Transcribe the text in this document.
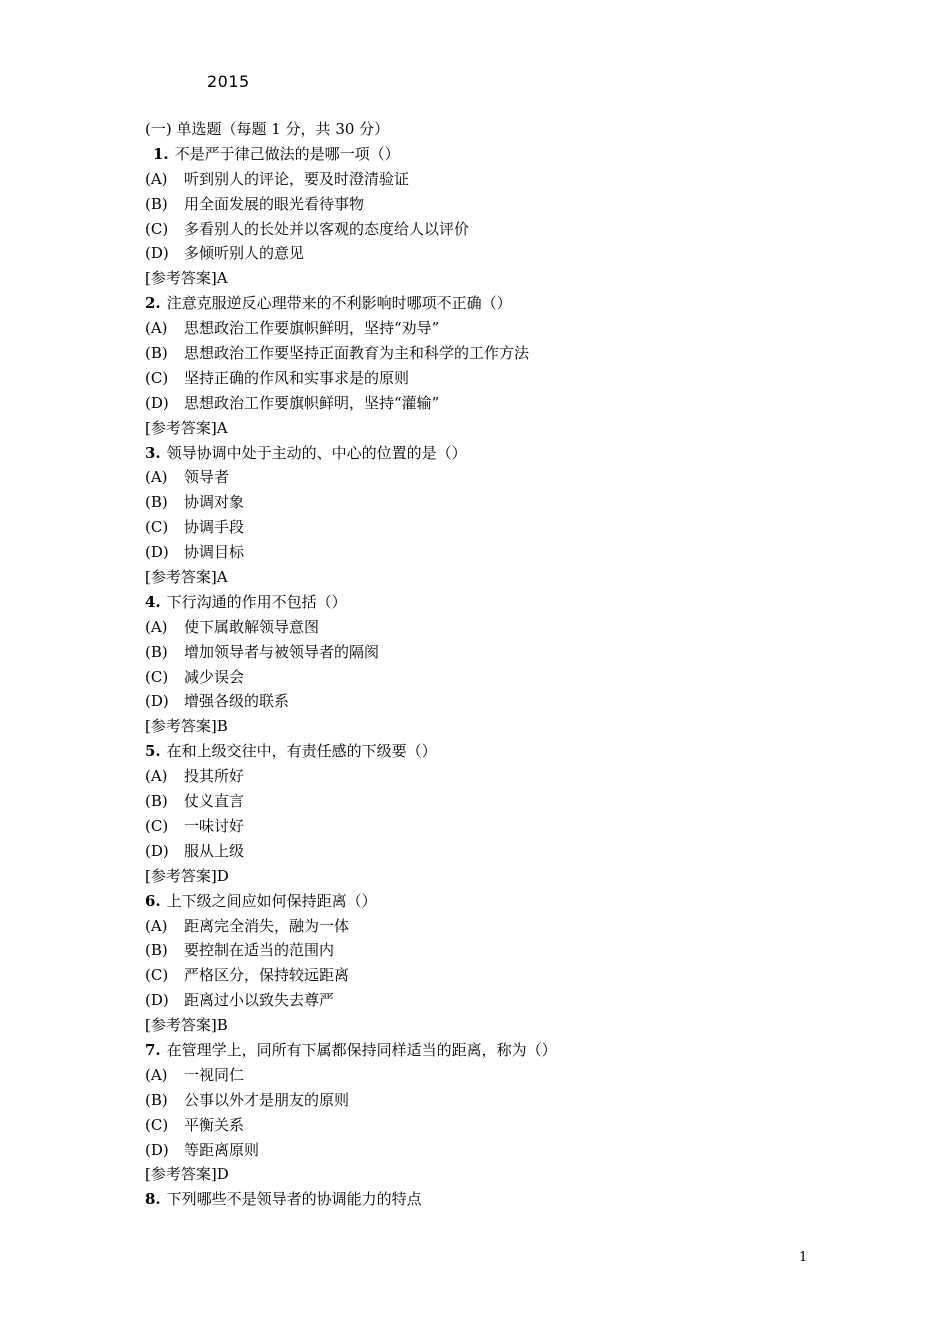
2015
(一) 单选题（每题 1 分，共 30 分）
1. 不是严于律己做法的是哪一项（）
(A) 听到别人的评论，要及时澄清验证
(B) 用全面发展的眼光看待事物
(C) 多看别人的长处并以客观的态度给人以评价
(D) 多倾听别人的意见
[参考答案]A
2. 注意克服逆反心理带来的不利影响时哪项不正确（）
(A) 思想政治工作要旗帜鲜明，坚持“劝导”
(B) 思想政治工作要坚持正面教育为主和科学的工作方法
(C) 坚持正确的作风和实事求是的原则
(D) 思想政治工作要旗帜鲜明，坚持“灌输”
[参考答案]A
3. 领导协调中处于主动的、中心的位置的是（）
(A) 领导者
(B) 协调对象
(C) 协调手段
(D) 协调目标
[参考答案]A
4. 下行沟通的作用不包括（）
(A) 使下属敢解领导意图
(B) 增加领导者与被领导者的隔阂
(C) 减少误会
(D) 增强各级的联系
[参考答案]B
5. 在和上级交往中，有责任感的下级要（）
(A) 投其所好
(B) 仗义直言
(C) 一味讨好
(D) 服从上级
[参考答案]D
6. 上下级之间应如何保持距离（）
(A) 距离完全消失，融为一体
(B) 要控制在适当的范围内
(C) 严格区分，保持较远距离
(D) 距离过小以致失去尊严
[参考答案]B
7. 在管理学上，同所有下属都保持同样适当的距离，称为（）
(A) 一视同仁
(B) 公事以外才是朋友的原则
(C) 平衡关系
(D) 等距离原则
[参考答案]D
8. 下列哪些不是领导者的协调能力的特点
1
